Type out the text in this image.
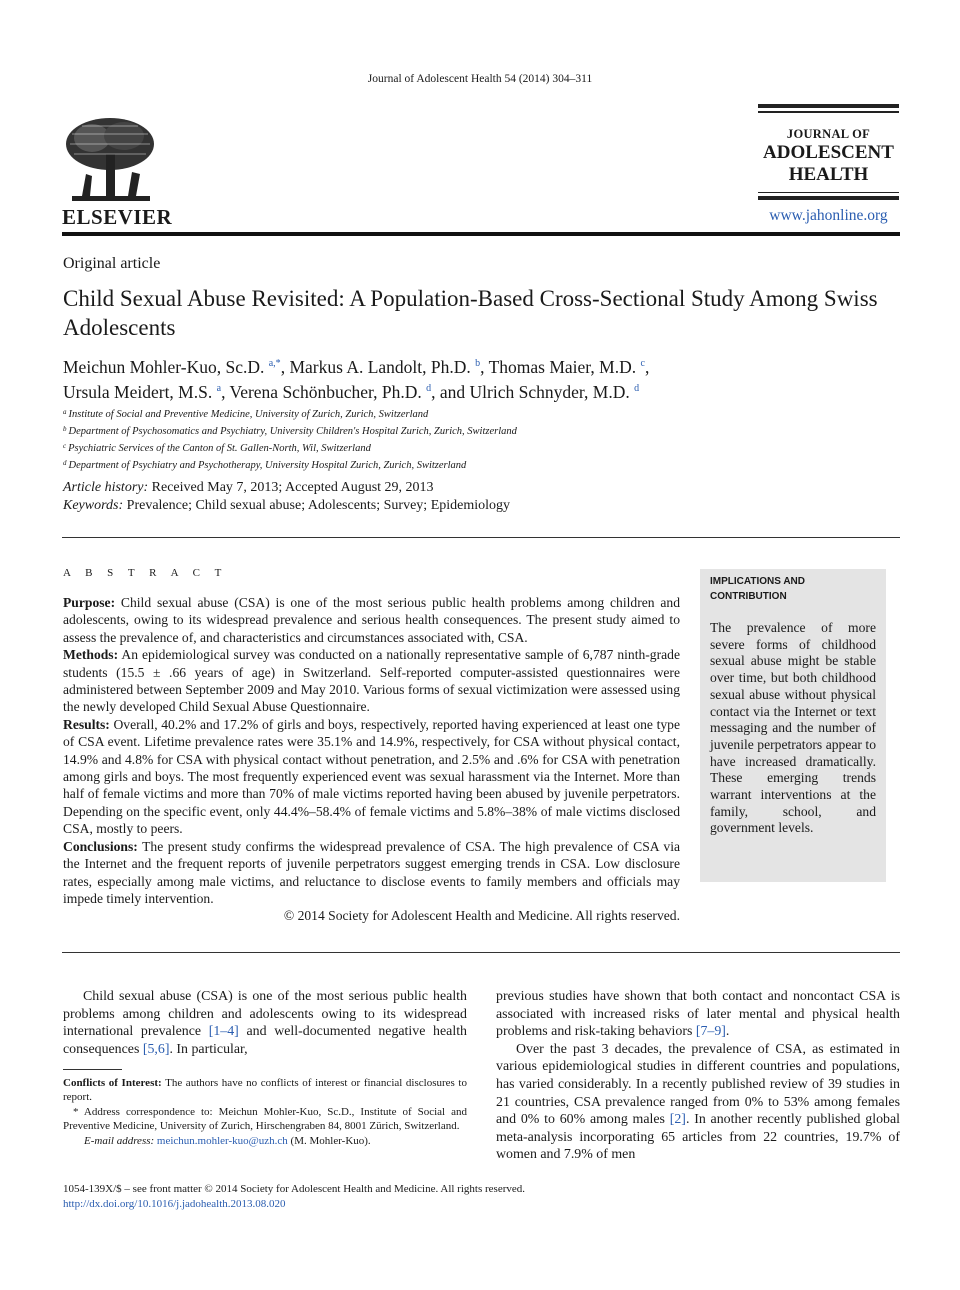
Journal of Adolescent Health 54 (2014) 304–311
ELSEVIER
JOURNAL OF
ADOLESCENT
HEALTH
www.jahonline.org
Original article
Child Sexual Abuse Revisited: A Population-Based Cross-Sectional Study Among Swiss Adolescents
Meichun Mohler-Kuo, Sc.D. $^{a,*}$, Markus A. Landolt, Ph.D. $^b$, Thomas Maier, M.D. $^c$,
Ursula Meidert, M.S. $^a$, Verena Schönbucher, Ph.D. $^d$, and Ulrich Schnyder, M.D. $^d$
$^a$ Institute of Social and Preventive Medicine, University of Zurich, Zurich, Switzerland
$^b$ Department of Psychosomatics and Psychiatry, University Children's Hospital Zurich, Zurich, Switzerland
$^c$ Psychiatric Services of the Canton of St. Gallen-North, Wil, Switzerland
$^d$ Department of Psychiatry and Psychotherapy, University Hospital Zurich, Zurich, Switzerland
Article history: Received May 7, 2013; Accepted August 29, 2013
Keywords: Prevalence; Child sexual abuse; Adolescents; Survey; Epidemiology
A B S T R A C T

Purpose: Child sexual abuse (CSA) is one of the most serious public health problems among children and adolescents, owing to its widespread prevalence and serious health consequences. The present study aimed to assess the prevalence of, and characteristics and circumstances associated with, CSA.

Methods: An epidemiological survey was conducted on a nationally representative sample of 6,787 ninth-grade students (15.5 ± .66 years of age) in Switzerland. Self-reported computer-assisted questionnaires were administered between September 2009 and May 2010. Various forms of sexual victimization were assessed using the newly developed Child Sexual Abuse Questionnaire.

Results: Overall, 40.2% and 17.2% of girls and boys, respectively, reported having experienced at least one type of CSA event. Lifetime prevalence rates were 35.1% and 14.9%, respectively, for CSA without physical contact, 14.9% and 4.8% for CSA with physical contact without penetration, and 2.5% and .6% for CSA with penetration among girls and boys. The most frequently experienced event was sexual harassment via the Internet. More than half of female victims and more than 70% of male victims reported having been abused by juvenile perpetrators. Depending on the specific event, only 44.4%–58.4% of female victims and 5.8%–38% of male victims disclosed CSA, mostly to peers.

Conclusions: The present study confirms the widespread prevalence of CSA. The high prevalence of CSA via the Internet and the frequent reports of juvenile perpetrators suggest emerging trends in CSA. Low disclosure rates, especially among male victims, and reluctance to disclose events to family members and officials may impede timely intervention.

© 2014 Society for Adolescent Health and Medicine. All rights reserved.

IMPLICATIONS AND
CONTRIBUTION
The prevalence of more severe forms of childhood sexual abuse might be stable over time, but both childhood sexual abuse without physical contact via the Internet or text messaging and the number of juvenile perpetrators appear to have increased dramatically. These emerging trends warrant interventions at the family, school, and government levels.

Child sexual abuse (CSA) is one of the most serious public health problems among children and adolescents owing to its widespread international prevalence [1–4] and well-documented negative health consequences [5,6]. In particular,

Conflicts of Interest: The authors have no conflicts of interest or financial disclosures to report.

* Address correspondence to: Meichun Mohler-Kuo, Sc.D., Institute of Social and Preventive Medicine, University of Zurich, Hirschengraben 84, 8001 Zürich, Switzerland.

E-mail address: meichun.mohler-kuo@uzh.ch (M. Mohler-Kuo).

previous studies have shown that both contact and noncontact CSA is associated with increased risks of later mental and physical health problems and risk-taking behaviors [7–9].

Over the past 3 decades, the prevalence of CSA, as estimated in various epidemiological studies in different countries and populations, has varied considerably. In a recently published review of 39 studies in 21 countries, CSA prevalence ranged from 0% to 53% among females and 0% to 60% among males [2]. In another recently published global meta-analysis incorporating 65 articles from 22 countries, 19.7% of women and 7.9% of men

1054-139X/$ – see front matter © 2014 Society for Adolescent Health and Medicine. All rights reserved.
http://dx.doi.org/10.1016/j.jadohealth.2013.08.020
